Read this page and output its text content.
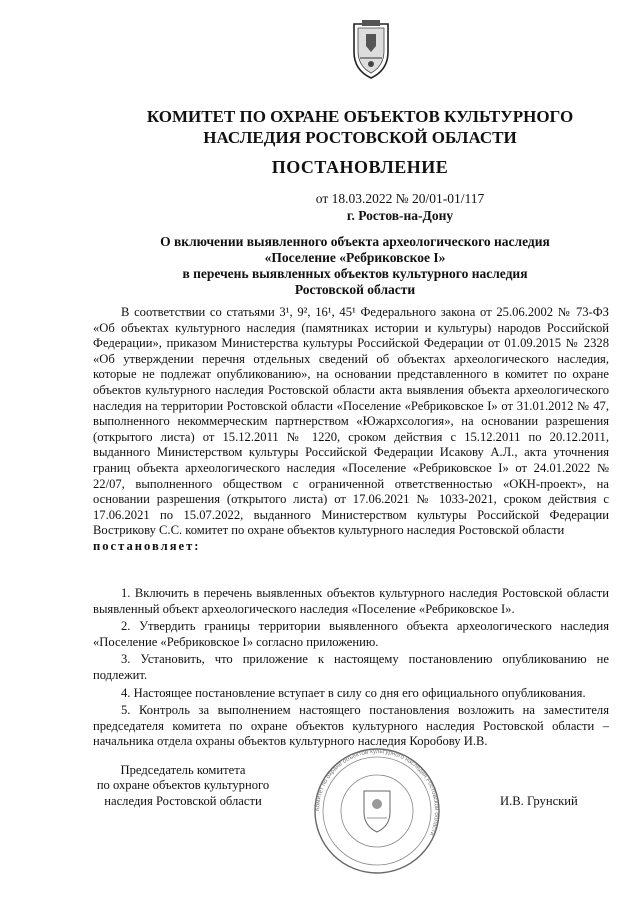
КОМИТЕТ ПО ОХРАНЕ ОБЪЕКТОВ КУЛЬТУРНОГО
НАСЛЕДИЯ РОСТОВСКОЙ ОБЛАСТИ
ПОСТАНОВЛЕНИЕ
от 18.03.2022 № 20/01-01/117
г. Ростов-на-Дону
О включении выявленного объекта археологического наследия
«Поселение «Ребриковское I»
в перечень выявленных объектов культурного наследия
Ростовской области

В соответствии со статьями 3¹, 9², 16¹, 45¹ Федерального закона от 25.06.2002 № 73-ФЗ «Об объектах культурного наследия (памятниках истории и культуры) народов Российской Федерации», приказом Министерства культуры Российской Федерации от 01.09.2015 № 2328 «Об утверждении перечня отдельных сведений об объектах археологического наследия, которые не подлежат опубликованию», на основании представленного в комитет по охране объектов культурного наследия Ростовской области акта выявления объекта археологического наследия на территории Ростовской области «Поселение «Ребриковское I» от 31.01.2012 № 47, выполненного некоммерческим партнерством «Южархсология», на основании разрешения (открытого листа) от 15.12.2011 № 1220, сроком действия с 15.12.2011 по 20.12.2011, выданного Министерством культуры Российской Федерации Исакову А.Л., акта уточнения границ объекта археологического наследия «Поселение «Ребриковское I» от 24.01.2022 № 22/07, выполненного обществом с ограниченной ответственностью «ОКН-проект», на основании разрешения (открытого листа) от 17.06.2021 № 1033-2021, сроком действия с 17.06.2021 по 15.07.2022, выданного Министерством культуры Российской Федерации Вострикову С.С. комитет по охране объектов культурного наследия Ростовской области

постановляет:

1. Включить в перечень выявленных объектов культурного наследия Ростовской области выявленный объект археологического наследия «Поселение «Ребриковское I».

2. Утвердить границы территории выявленного объекта археологического наследия «Поселение «Ребриковское I» согласно приложению.

3. Установить, что приложение к настоящему постановлению опубликованию не подлежит.

4. Настоящее постановление вступает в силу со дня его официального опубликования.

5. Контроль за выполнением настоящего постановления возложить на заместителя председателя комитета по охране объектов культурного наследия Ростовской области – начальника отдела охраны объектов культурного наследия Коробову И.В.

Председатель комитета
по охране объектов культурного
наследия Ростовской области
Комитет по охране объектов культурного наследия Ростовской области
И.В. Грунский
